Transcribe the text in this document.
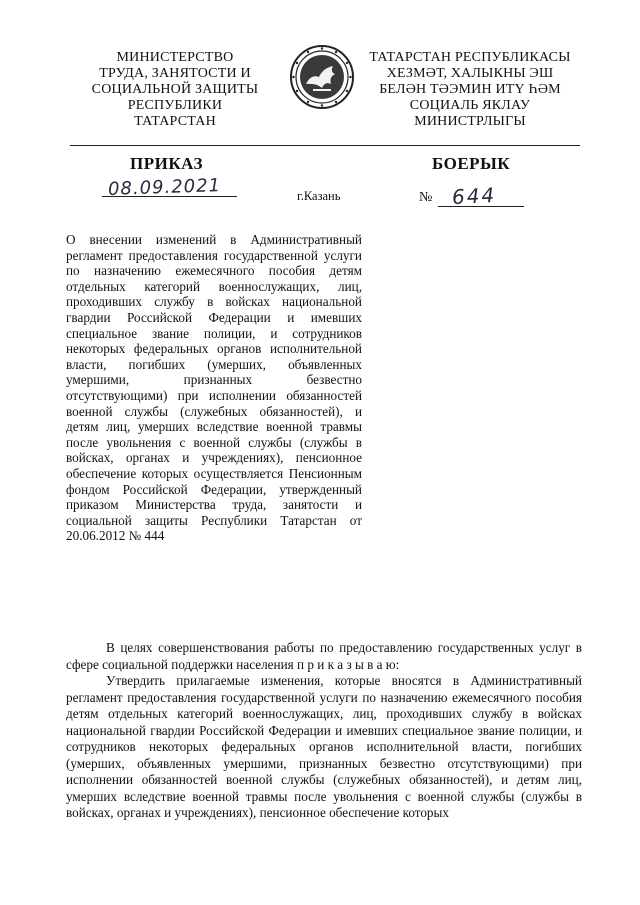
МИНИСТЕРСТВО
ТРУДА, ЗАНЯТОСТИ И
СОЦИАЛЬНОЙ ЗАЩИТЫ
РЕСПУБЛИКИ
ТАТАРСТАН
ТАТАРСТАН РЕСПУБЛИКАСЫ
ХЕЗМӘТ, ХАЛЫКНЫ ЭШ
БЕЛӘН ТӘЭМИН ИТҮ ҺӘМ
СОЦИАЛЬ ЯКЛАУ
МИНИСТРЛЫГЫ
ПРИКАЗ	БОЕРЫК
08.09.2021	г.Казань	№ 644
О внесении изменений в Административный регламент предоставления государственной услуги по назначению ежемесячного пособия детям отдельных категорий военнослужащих, лиц, проходивших службу в войсках национальной гвардии Российской Федерации и имевших специальное звание полиции, и сотрудников некоторых федеральных органов исполнительной власти, погибших (умерших, объявленных умершими, признанных безвестно отсутствующими) при исполнении обязанностей военной службы (служебных обязанностей), и детям лиц, умерших вследствие военной травмы после увольнения с военной службы (службы в войсках, органах и учреждениях), пенсионное обеспечение которых осуществляется Пенсионным фондом Российской Федерации, утвержденный приказом Министерства труда, занятости и социальной защиты Республики Татарстан от 20.06.2012 № 444

В целях совершенствования работы по предоставлению государственных услуг в сфере социальной поддержки населения п р и к а з ы в а ю:

Утвердить прилагаемые изменения, которые вносятся в Административный регламент предоставления государственной услуги по назначению ежемесячного пособия детям отдельных категорий военнослужащих, лиц, проходивших службу в войсках национальной гвардии Российской Федерации и имевших специальное звание полиции, и сотрудников некоторых федеральных органов исполнительной власти, погибших (умерших, объявленных умершими, признанных безвестно отсутствующими) при исполнении обязанностей военной службы (служебных обязанностей), и детям лиц, умерших вследствие военной травмы после увольнения с военной службы (службы в войсках, органах и учреждениях), пенсионное обеспечение которых
